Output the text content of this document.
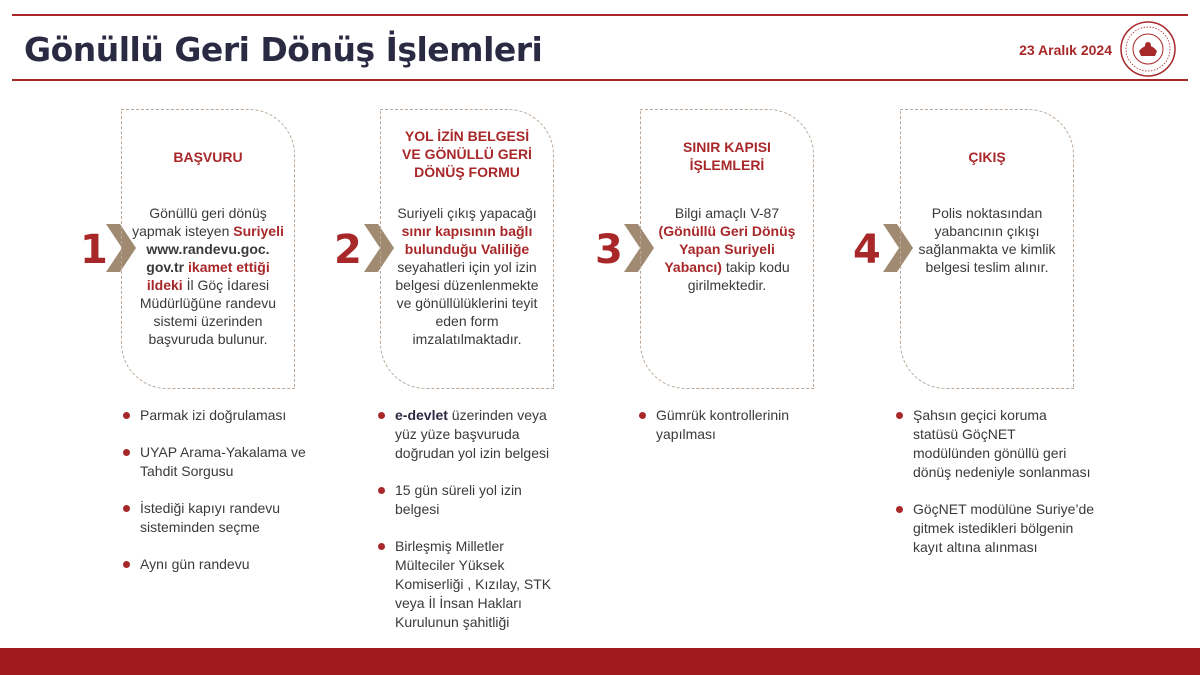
Gönüllü Geri Dönüş İşlemleri	23 Aralık 2024
1
BAŞVURU
Gönüllü geri dönüş yapmak isteyen Suriyeli www.randevu.goc. gov.tr ikamet ettiği ildeki İl Göç İdaresi Müdürlüğüne randevu sistemi üzerinden başvuruda bulunur.
Parmak izi doğrulaması
UYAP Arama-Yakalama ve Tahdit Sorgusu
İstediği kapıyı randevu sisteminden seçme
Aynı gün randevu
2
YOL İZİN BELGESİ VE GÖNÜLLÜ GERİ DÖNÜŞ FORMU
Suriyeli çıkış yapacağı sınır kapısının bağlı bulunduğu Valiliğe seyahatleri için yol izin belgesi düzenlenmekte ve gönüllülüklerini teyit eden form imzalatılmaktadır.
e-devlet üzerinden veya yüz yüze başvuruda doğrudan yol izin belgesi
15 gün süreli yol izin belgesi
Birleşmiş Milletler Mülteciler Yüksek Komiserliği , Kızılay, STK veya İl İnsan Hakları Kurulunun şahitliği
3
SINIR KAPISI İŞLEMLERİ
Bilgi amaçlı V-87 (Gönüllü Geri Dönüş Yapan Suriyeli Yabancı) takip kodu girilmektedir.
Gümrük kontrollerinin yapılması
4
ÇIKIŞ
Polis noktasından yabancının çıkışı sağlanmakta ve kimlik belgesi teslim alınır.
Şahsın geçici koruma statüsü GöçNET modülünden gönüllü geri dönüş nedeniyle sonlanması
GöçNET modülüne Suriye’de gitmek istedikleri bölgenin kayıt altına alınması
